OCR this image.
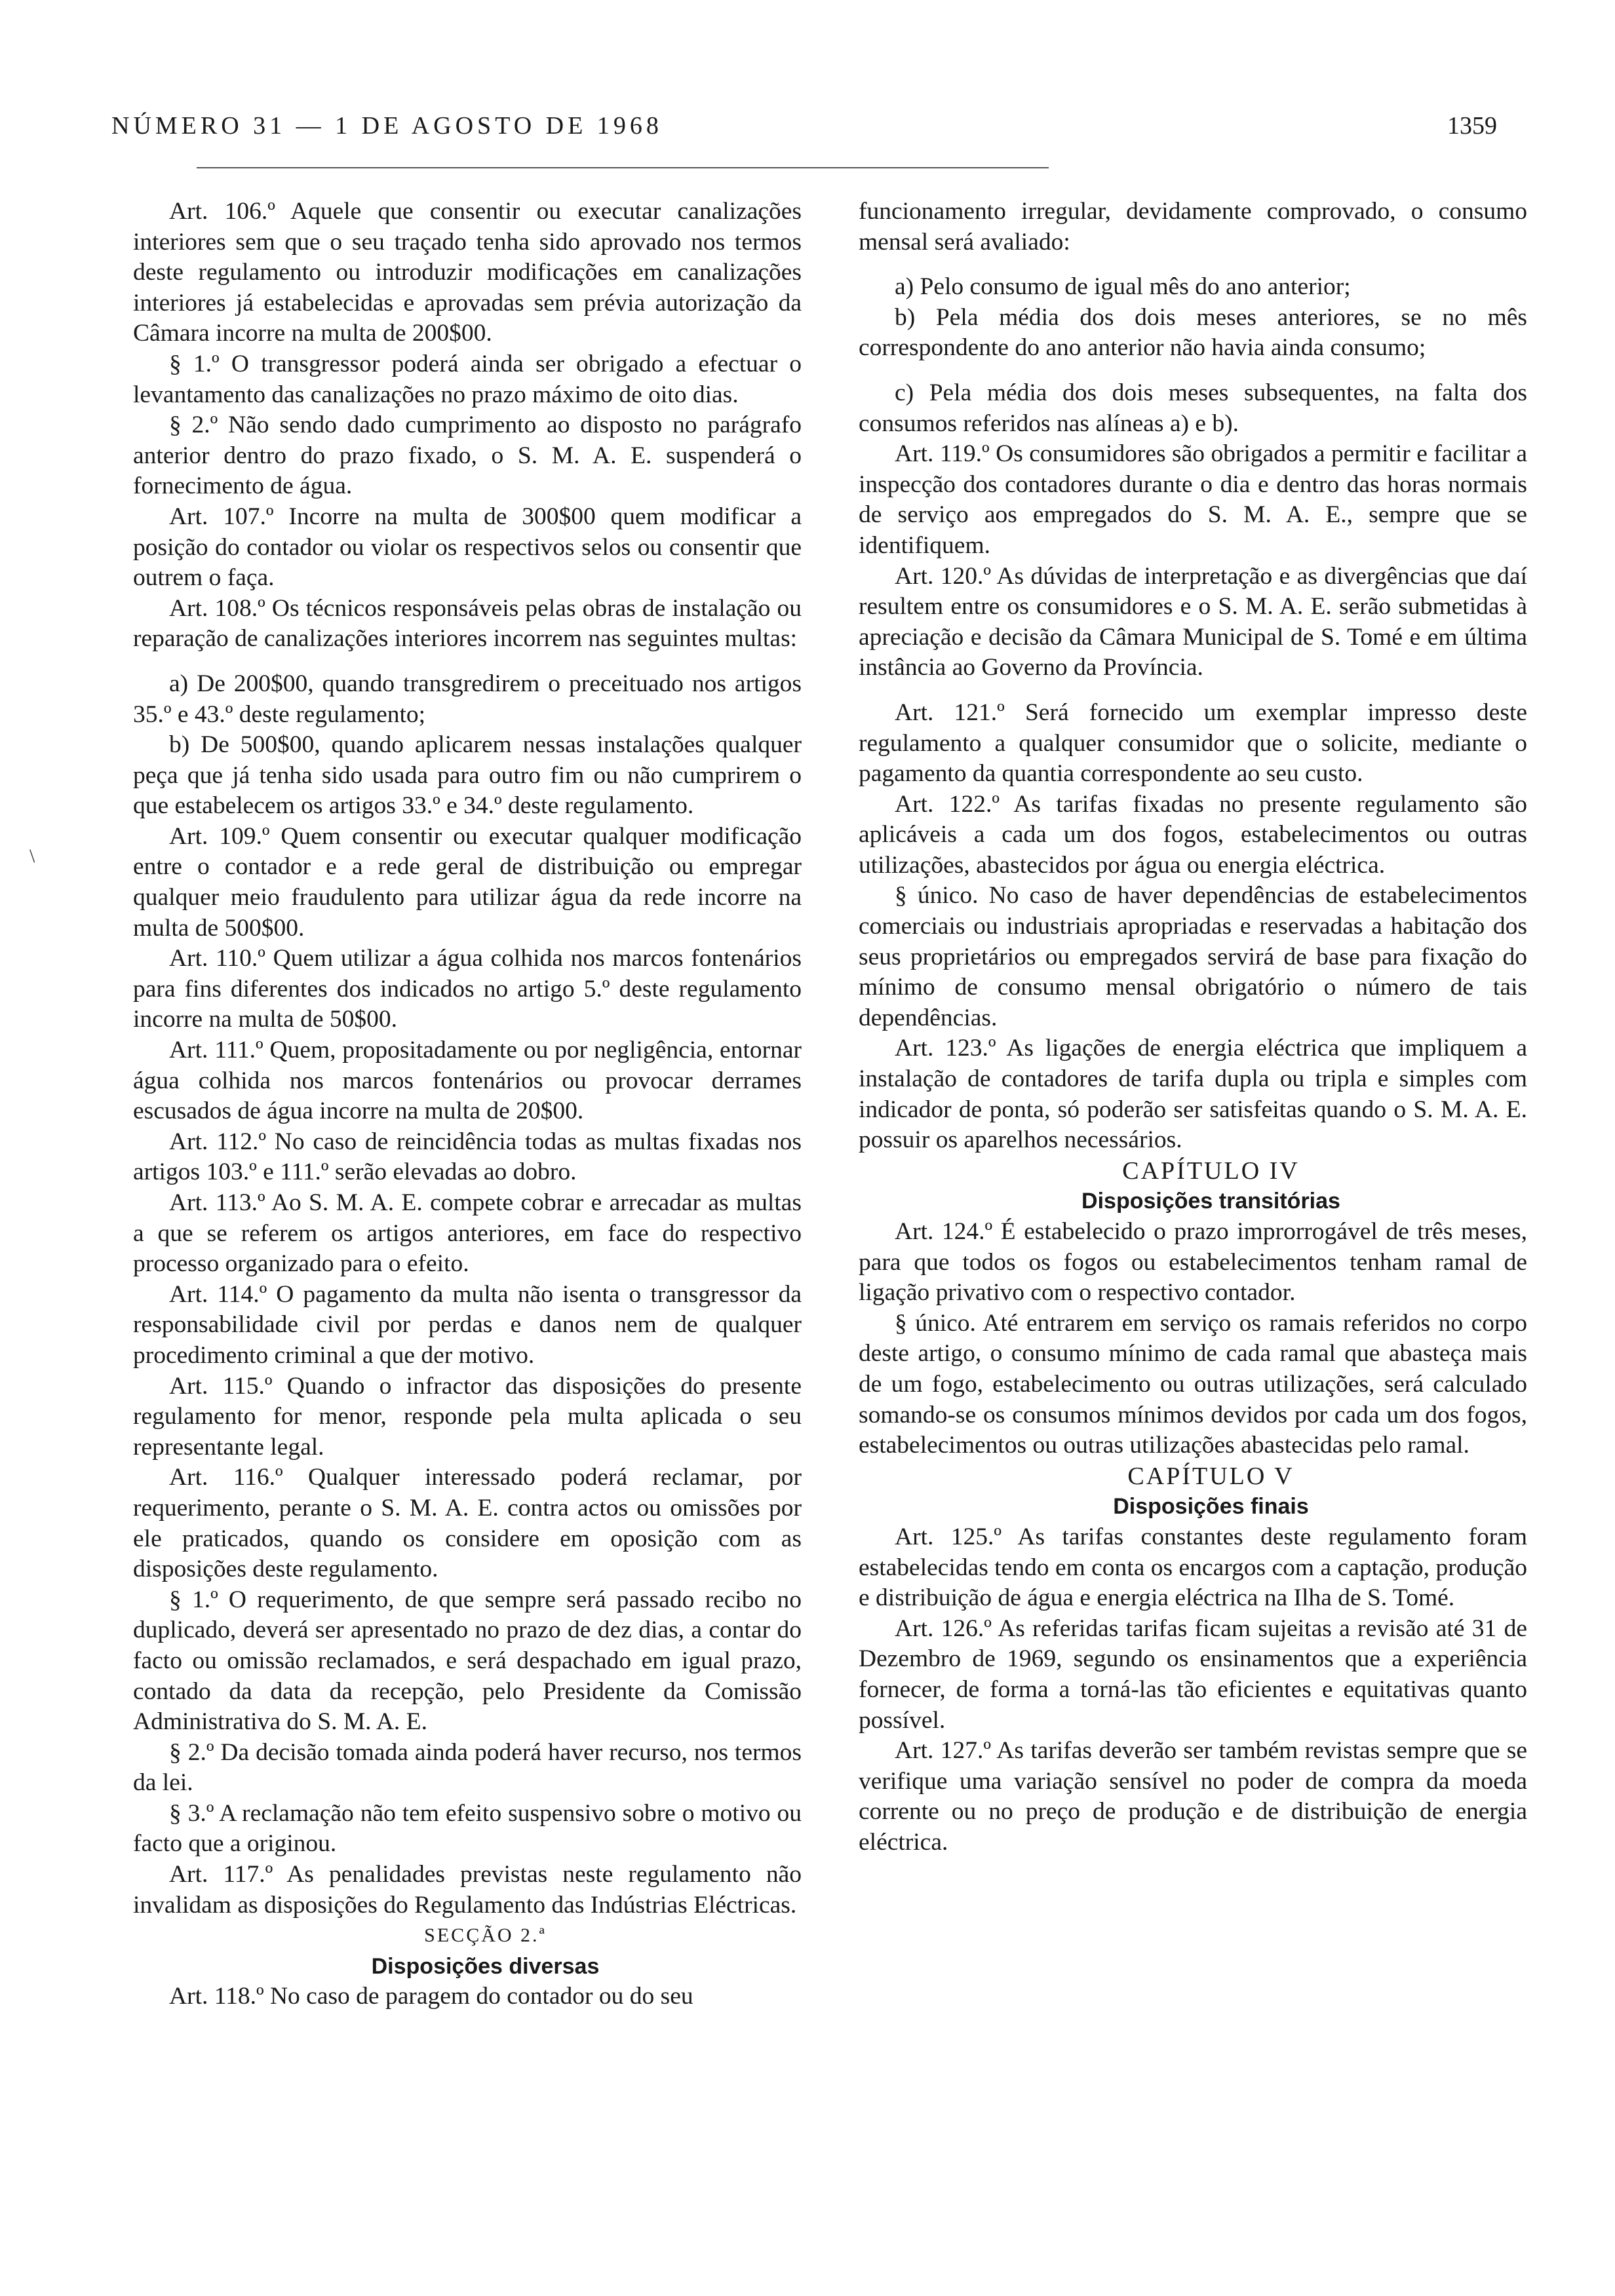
NÚMERO 31 — 1 DE AGOSTO DE 1968	1359
\

Art. 106.º Aquele que consentir ou executar canalizações interiores sem que o seu traçado tenha sido aprovado nos termos deste regulamento ou introduzir modificações em canalizações interiores já estabelecidas e aprovadas sem prévia autorização da Câmara incorre na multa de 200$00.

§ 1.º O transgressor poderá ainda ser obrigado a efectuar o levantamento das canalizações no prazo máximo de oito dias.

§ 2.º Não sendo dado cumprimento ao disposto no parágrafo anterior dentro do prazo fixado, o S. M. A. E. suspenderá o fornecimento de água.

Art. 107.º Incorre na multa de 300$00 quem modificar a posição do contador ou violar os respectivos selos ou consentir que outrem o faça.

Art. 108.º Os técnicos responsáveis pelas obras de instalação ou reparação de canalizações interiores incorrem nas seguintes multas:

a) De 200$00, quando transgredirem o preceituado nos artigos 35.º e 43.º deste regulamento;

b) De 500$00, quando aplicarem nessas instalações qualquer peça que já tenha sido usada para outro fim ou não cumprirem o que estabelecem os artigos 33.º e 34.º deste regulamento.

Art. 109.º Quem consentir ou executar qualquer modificação entre o contador e a rede geral de distribuição ou empregar qualquer meio fraudulento para utilizar água da rede incorre na multa de 500$00.

Art. 110.º Quem utilizar a água colhida nos marcos fontenários para fins diferentes dos indicados no artigo 5.º deste regulamento incorre na multa de 50$00.

Art. 111.º Quem, propositadamente ou por negligência, entornar água colhida nos marcos fontenários ou provocar derrames escusados de água incorre na multa de 20$00.

Art. 112.º No caso de reincidência todas as multas fixadas nos artigos 103.º e 111.º serão elevadas ao dobro.

Art. 113.º Ao S. M. A. E. compete cobrar e arrecadar as multas a que se referem os artigos anteriores, em face do respectivo processo organizado para o efeito.

Art. 114.º O pagamento da multa não isenta o transgressor da responsabilidade civil por perdas e danos nem de qualquer procedimento criminal a que der motivo.

Art. 115.º Quando o infractor das disposições do presente regulamento for menor, responde pela multa aplicada o seu representante legal.

Art. 116.º Qualquer interessado poderá reclamar, por requerimento, perante o S. M. A. E. contra actos ou omissões por ele praticados, quando os considere em oposição com as disposições deste regulamento.

§ 1.º O requerimento, de que sempre será passado recibo no duplicado, deverá ser apresentado no prazo de dez dias, a contar do facto ou omissão reclamados, e será despachado em igual prazo, contado da data da recepção, pelo Presidente da Comissão Administrativa do S. M. A. E.

§ 2.º Da decisão tomada ainda poderá haver recurso, nos termos da lei.

§ 3.º A reclamação não tem efeito suspensivo sobre o motivo ou facto que a originou.

Art. 117.º As penalidades previstas neste regulamento não invalidam as disposições do Regulamento das Indústrias Eléctricas.

SECÇÃO 2.ª

Disposições diversas

Art. 118.º No caso de paragem do contador ou do seu

funcionamento irregular, devidamente comprovado, o consumo mensal será avaliado:

a) Pelo consumo de igual mês do ano anterior;

b) Pela média dos dois meses anteriores, se no mês correspondente do ano anterior não havia ainda consumo;

c) Pela média dos dois meses subsequentes, na falta dos consumos referidos nas alíneas a) e b).

Art. 119.º Os consumidores são obrigados a permitir e facilitar a inspecção dos contadores durante o dia e dentro das horas normais de serviço aos empregados do S. M. A. E., sempre que se identifiquem.

Art. 120.º As dúvidas de interpretação e as divergências que daí resultem entre os consumidores e o S. M. A. E. serão submetidas à apreciação e decisão da Câmara Municipal de S. Tomé e em última instância ao Governo da Província.

Art. 121.º Será fornecido um exemplar impresso deste regulamento a qualquer consumidor que o solicite, mediante o pagamento da quantia correspondente ao seu custo.

Art. 122.º As tarifas fixadas no presente regulamento são aplicáveis a cada um dos fogos, estabelecimentos ou outras utilizações, abastecidos por água ou energia eléctrica.

§ único. No caso de haver dependências de estabelecimentos comerciais ou industriais apropriadas e reservadas a habitação dos seus proprietários ou empregados servirá de base para fixação do mínimo de consumo mensal obrigatório o número de tais dependências.

Art. 123.º As ligações de energia eléctrica que impliquem a instalação de contadores de tarifa dupla ou tripla e simples com indicador de ponta, só poderão ser satisfeitas quando o S. M. A. E. possuir os aparelhos necessários.

CAPÍTULO IV

Disposições transitórias

Art. 124.º É estabelecido o prazo improrrogável de três meses, para que todos os fogos ou estabelecimentos tenham ramal de ligação privativo com o respectivo contador.

§ único. Até entrarem em serviço os ramais referidos no corpo deste artigo, o consumo mínimo de cada ramal que abasteça mais de um fogo, estabelecimento ou outras utilizações, será calculado somando-se os consumos mínimos devidos por cada um dos fogos, estabelecimentos ou outras utilizações abastecidas pelo ramal.

CAPÍTULO V

Disposições finais

Art. 125.º As tarifas constantes deste regulamento foram estabelecidas tendo em conta os encargos com a captação, produção e distribuição de água e energia eléctrica na Ilha de S. Tomé.

Art. 126.º As referidas tarifas ficam sujeitas a revisão até 31 de Dezembro de 1969, segundo os ensinamentos que a experiência fornecer, de forma a torná-las tão eficientes e equitativas quanto possível.

Art. 127.º As tarifas deverão ser também revistas sempre que se verifique uma variação sensível no poder de compra da moeda corrente ou no preço de produção e de distribuição de energia eléctrica.
